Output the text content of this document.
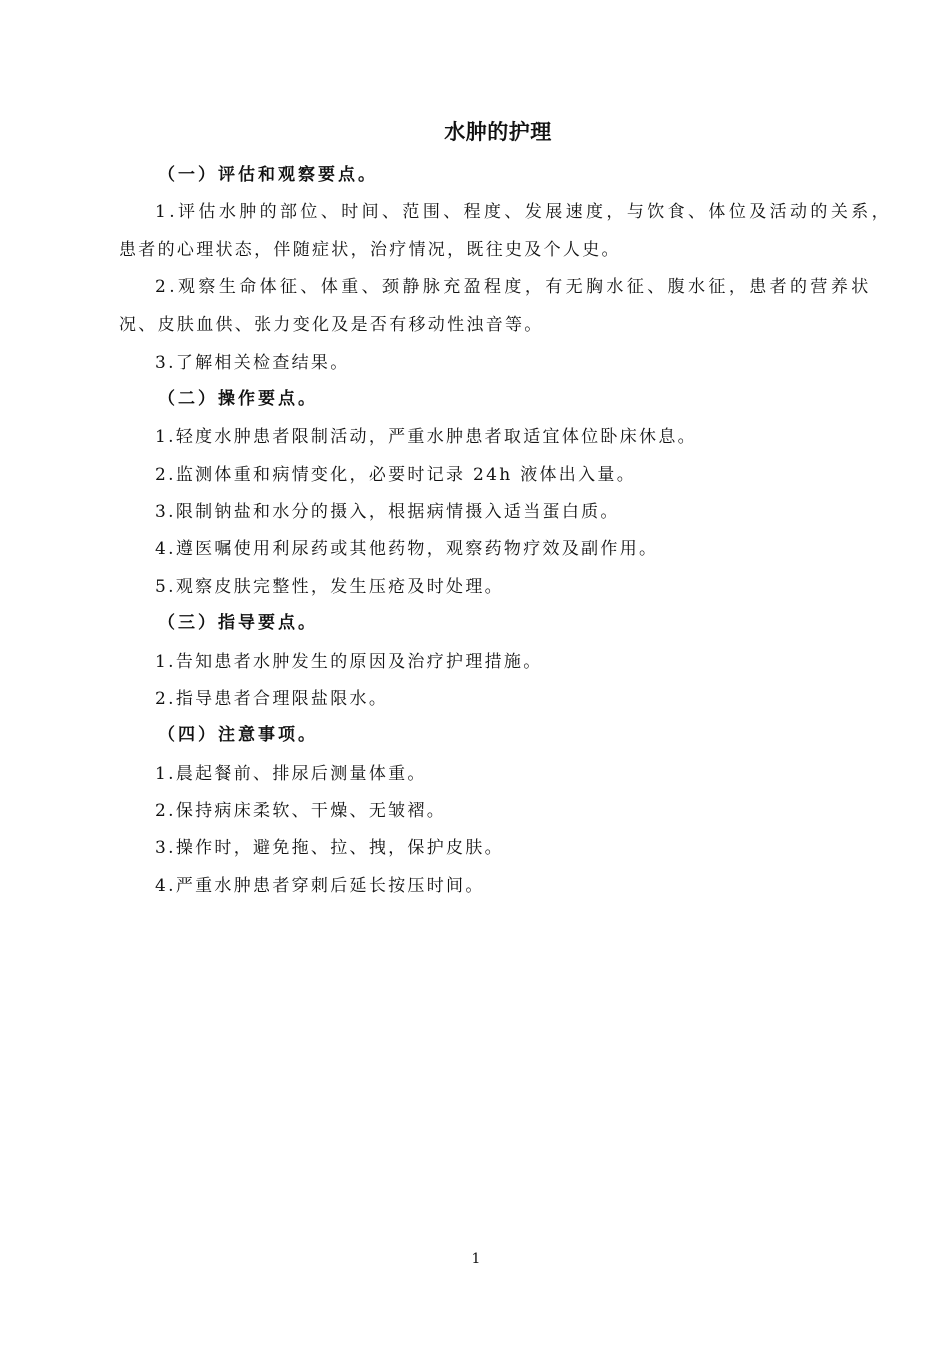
水肿的护理
（一）评估和观察要点。
1.评估水肿的部位、时间、范围、程度、发展速度，与饮食、体位及活动的关系，
患者的心理状态，伴随症状，治疗情况，既往史及个人史。
2.观察生命体征、体重、颈静脉充盈程度，有无胸水征、腹水征，患者的营养状
况、皮肤血供、张力变化及是否有移动性浊音等。
3.了解相关检查结果。
（二）操作要点。
1.轻度水肿患者限制活动，严重水肿患者取适宜体位卧床休息。
2.监测体重和病情变化，必要时记录 24h 液体出入量。
3.限制钠盐和水分的摄入，根据病情摄入适当蛋白质。
4.遵医嘱使用利尿药或其他药物，观察药物疗效及副作用。
5.观察皮肤完整性，发生压疮及时处理。
（三）指导要点。
1.告知患者水肿发生的原因及治疗护理措施。
2.指导患者合理限盐限水。
（四）注意事项。
1.晨起餐前、排尿后测量体重。
2.保持病床柔软、干燥、无皱褶。
3.操作时，避免拖、拉、拽，保护皮肤。
4.严重水肿患者穿刺后延长按压时间。
1
